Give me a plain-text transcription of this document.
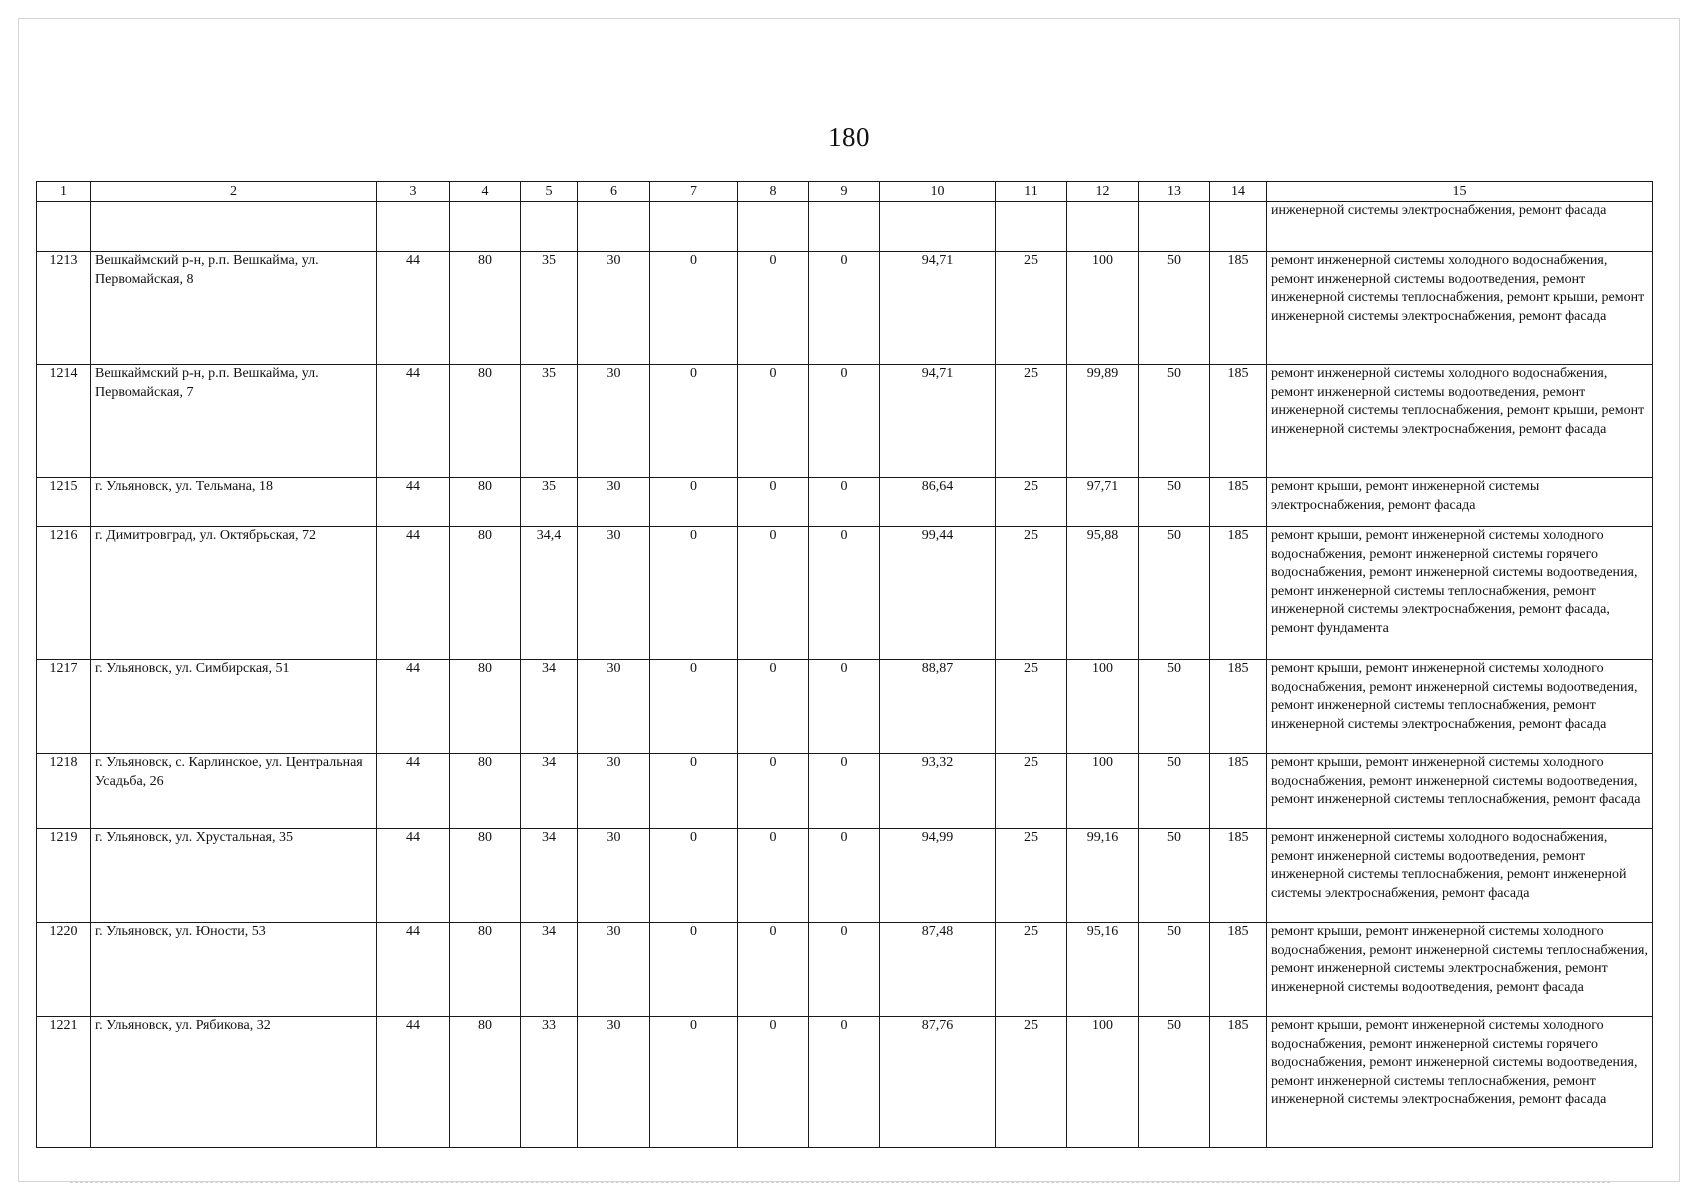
180
1	2	3	4	5	6	7	8	9	10	11	12	13	14	15
														инженерной системы электроснабжения, ремонт фасада
1213	Вешкаймский р-н, р.п. Вешкайма, ул. Первомайская, 8	44	80	35	30	0	0	0	94,71	25	100	50	185	ремонт инженерной системы холодного водоснабжения, ремонт инженерной системы водоотведения, ремонт инженерной системы теплоснабжения, ремонт крыши, ремонт инженерной системы электроснабжения, ремонт фасада
1214	Вешкаймский р-н, р.п. Вешкайма, ул. Первомайская, 7	44	80	35	30	0	0	0	94,71	25	99,89	50	185	ремонт инженерной системы холодного водоснабжения, ремонт инженерной системы водоотведения, ремонт инженерной системы теплоснабжения, ремонт крыши, ремонт инженерной системы электроснабжения, ремонт фасада
1215	г. Ульяновск, ул. Тельмана, 18	44	80	35	30	0	0	0	86,64	25	97,71	50	185	ремонт крыши, ремонт инженерной системы электроснабжения, ремонт фасада
1216	г. Димитровград, ул. Октябрьская, 72	44	80	34,4	30	0	0	0	99,44	25	95,88	50	185	ремонт крыши, ремонт инженерной системы холодного водоснабжения, ремонт инженерной системы горячего водоснабжения, ремонт инженерной системы водоотведения, ремонт инженерной системы теплоснабжения, ремонт инженерной системы электроснабжения, ремонт фасада, ремонт фундамента
1217	г. Ульяновск, ул. Симбирская, 51	44	80	34	30	0	0	0	88,87	25	100	50	185	ремонт крыши, ремонт инженерной системы холодного водоснабжения, ремонт инженерной системы водоотведения, ремонт инженерной системы теплоснабжения, ремонт инженерной системы электроснабжения, ремонт фасада
1218	г. Ульяновск, с. Карлинское, ул. Центральная Усадьба, 26	44	80	34	30	0	0	0	93,32	25	100	50	185	ремонт крыши, ремонт инженерной системы холодного водоснабжения, ремонт инженерной системы водоотведения, ремонт инженерной системы теплоснабжения, ремонт фасада
1219	г. Ульяновск, ул. Хрустальная, 35	44	80	34	30	0	0	0	94,99	25	99,16	50	185	ремонт инженерной системы холодного водоснабжения, ремонт инженерной системы водоотведения, ремонт инженерной системы теплоснабжения, ремонт инженерной системы электроснабжения, ремонт фасада
1220	г. Ульяновск, ул. Юности, 53	44	80	34	30	0	0	0	87,48	25	95,16	50	185	ремонт крыши, ремонт инженерной системы холодного водоснабжения, ремонт инженерной системы теплоснабжения, ремонт инженерной системы электроснабжения, ремонт инженерной системы водоотведения, ремонт фасада
1221	г. Ульяновск, ул. Рябикова, 32	44	80	33	30	0	0	0	87,76	25	100	50	185	ремонт крыши, ремонт инженерной системы холодного водоснабжения, ремонт инженерной системы горячего водоснабжения, ремонт инженерной системы водоотведения, ремонт инженерной системы теплоснабжения, ремонт инженерной системы электроснабжения, ремонт фасада
